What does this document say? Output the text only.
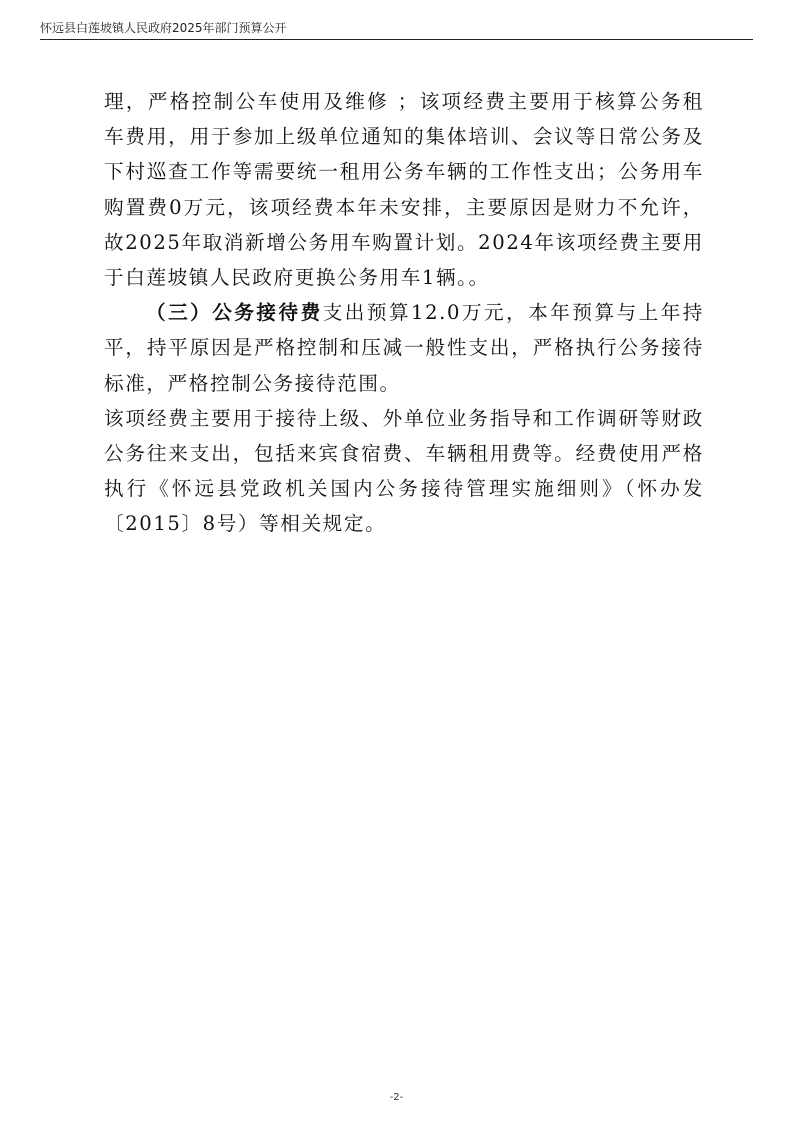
怀远县白莲坡镇人民政府2025年部门预算公开

理，严格控制公车使用及维修 ；该项经费主要用于核算公务租车费用，用于参加上级单位通知的集体培训、会议等日常公务及下村巡查工作等需要统一租用公务车辆的工作性支出；公务用车购置费0万元，该项经费本年未安排，主要原因是财力不允许，故2025年取消新增公务用车购置计划。2024年该项经费主要用于白莲坡镇人民政府更换公务用车1辆。。

（三）公务接待费支出预算12.0万元，本年预算与上年持平，持平原因是严格控制和压减一般性支出，严格执行公务接待标准，严格控制公务接待范围。

该项经费主要用于接待上级、外单位业务指导和工作调研等财政公务往来支出，包括来宾食宿费、车辆租用费等。经费使用严格执行《怀远县党政机关国内公务接待管理实施细则》（怀办发〔2015〕8号）等相关规定。

-2-
